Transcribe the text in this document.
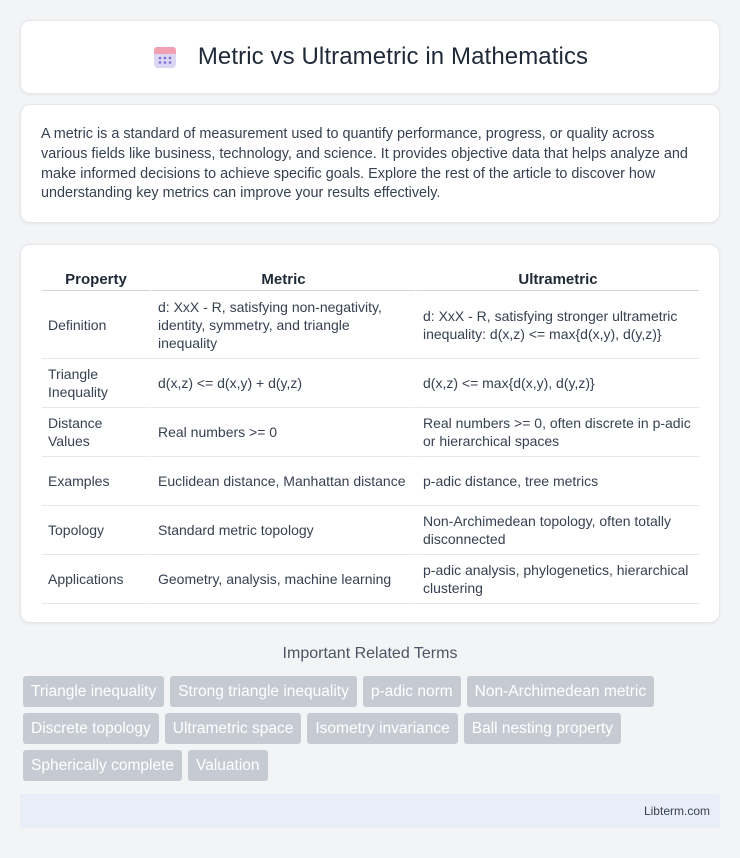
Metric vs Ultrametric in Mathematics

A metric is a standard of measurement used to quantify performance, progress, or quality across various fields like business, technology, and science. It provides objective data that helps analyze and make informed decisions to achieve specific goals. Explore the rest of the article to discover how understanding key metrics can improve your results effectively.

Property	Metric	Ultrametric
Definition	d: XxX - R, satisfying non-negativity, identity, symmetry, and triangle inequality	d: XxX - R, satisfying stronger ultrametric inequality: d(x,z) <= max{d(x,y), d(y,z)}
Triangle Inequality	d(x,z) <= d(x,y) + d(y,z)	d(x,z) <= max{d(x,y), d(y,z)}
Distance Values	Real numbers >= 0	Real numbers >= 0, often discrete in p-adic or hierarchical spaces
Examples	Euclidean distance, Manhattan distance	p-adic distance, tree metrics
Topology	Standard metric topology	Non-Archimedean topology, often totally disconnected
Applications	Geometry, analysis, machine learning	p-adic analysis, phylogenetics, hierarchical clustering
Important Related Terms
Triangle inequality	Strong triangle inequality	p-adic norm	Non-Archimedean metric
Discrete topology	Ultrametric space	Isometry invariance	Ball nesting property
Spherically complete	Valuation
Libterm.com
